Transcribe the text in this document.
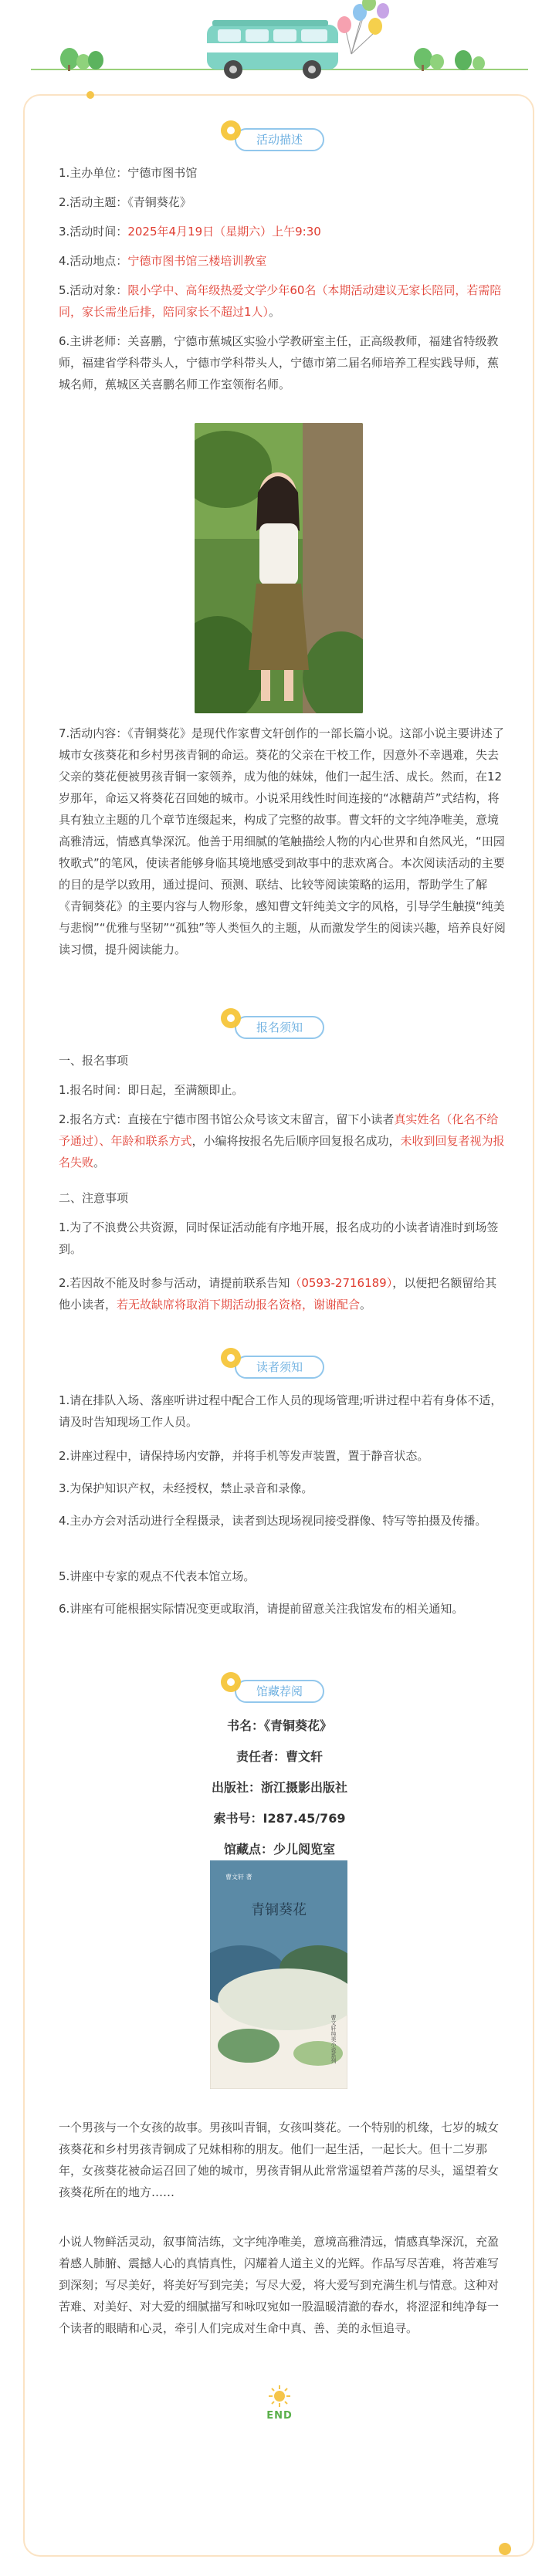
活动描述
1.主办单位：宁德市图书馆
2.活动主题：《青铜葵花》
3.活动时间：2025年4月19日（星期六）上午9:30
4.活动地点：宁德市图书馆三楼培训教室
5.活动对象：限小学中、高年级热爱文学少年60名（本期活动建议无家长陪同，若需陪同，家长需坐后排，陪同家长不超过1人）。
6.主讲老师：关喜鹏，宁德市蕉城区实验小学教研室主任，正高级教师，福建省特级教师，福建省学科带头人，宁德市学科带头人，宁德市第二届名师培养工程实践导师，蕉城名师，蕉城区关喜鹏名师工作室领衔名师。
7.活动内容：《青铜葵花》是现代作家曹文轩创作的一部长篇小说。这部小说主要讲述了城市女孩葵花和乡村男孩青铜的命运。葵花的父亲在干校工作，因意外不幸遇难，失去父亲的葵花便被男孩青铜一家领养，成为他的妹妹，他们一起生活、成长。然而，在12岁那年，命运又将葵花召回她的城市。小说采用线性时间连接的“冰糖葫芦”式结构，将具有独立主题的几个章节连缀起来，构成了完整的故事。曹文轩的文字纯净唯美，意境高雅清远，情感真挚深沉。他善于用细腻的笔触描绘人物的内心世界和自然风光，“田园牧歌式”的笔风，使读者能够身临其境地感受到故事中的悲欢离合。本次阅读活动的主要的目的是学以致用，通过提问、预测、联结、比较等阅读策略的运用，帮助学生了解《青铜葵花》的主要内容与人物形象，感知曹文轩纯美文字的风格，引导学生触摸“纯美与悲悯”“优雅与坚韧”“孤独”等人类恒久的主题，从而激发学生的阅读兴趣，培养良好阅读习惯，提升阅读能力。
报名须知
一、报名事项
1.报名时间：即日起，至满额即止。
2.报名方式：直接在宁德市图书馆公众号该文末留言，留下小读者真实姓名（化名不给予通过）、年龄和联系方式，小编将按报名先后顺序回复报名成功，未收到回复者视为报名失败。
二、注意事项
1.为了不浪费公共资源，同时保证活动能有序地开展，报名成功的小读者请准时到场签到。
2.若因故不能及时参与活动，请提前联系告知（0593-2716189），以便把名额留给其他小读者，若无故缺席将取消下期活动报名资格，谢谢配合。
读者须知
1.请在排队入场、落座听讲过程中配合工作人员的现场管理;听讲过程中若有身体不适，请及时告知现场工作人员。
2.讲座过程中，请保持场内安静，并将手机等发声装置，置于静音状态。
3.为保护知识产权，未经授权，禁止录音和录像。
4.主办方会对活动进行全程摄录，读者到达现场视同接受群像、特写等拍摄及传播。
5.讲座中专家的观点不代表本馆立场。
6.讲座有可能根据实际情况变更或取消，请提前留意关注我馆发布的相关通知。
馆藏荐阅
书名：《青铜葵花》
责任者：曹文轩
出版社：浙江摄影出版社
索书号：I287.45/769
馆藏点：少儿阅览室
曹文轩 著
青铜葵花
曹文轩纯美小说系列
一个男孩与一个女孩的故事。男孩叫青铜，女孩叫葵花。一个特别的机缘，七岁的城女孩葵花和乡村男孩青铜成了兄妹相称的朋友。他们一起生活，一起长大。但十二岁那年，女孩葵花被命运召回了她的城市，男孩青铜从此常常遥望着芦荡的尽头，遥望着女孩葵花所在的地方……
小说人物鲜活灵动，叙事简洁练，文字纯净唯美，意境高雅清远，情感真挚深沉，充盈着感人肺腑、震撼人心的真情真性，闪耀着人道主义的光辉。作品写尽苦难，将苦难写到深刻；写尽美好，将美好写到完美；写尽大爱，将大爱写到充满生机与情意。这种对苦难、对美好、对大爱的细腻描写和咏叹宛如一股温暖清澈的春水，将涩涩和纯净每一个读者的眼睛和心灵，牵引人们完成对生命中真、善、美的永恒追寻。
END
